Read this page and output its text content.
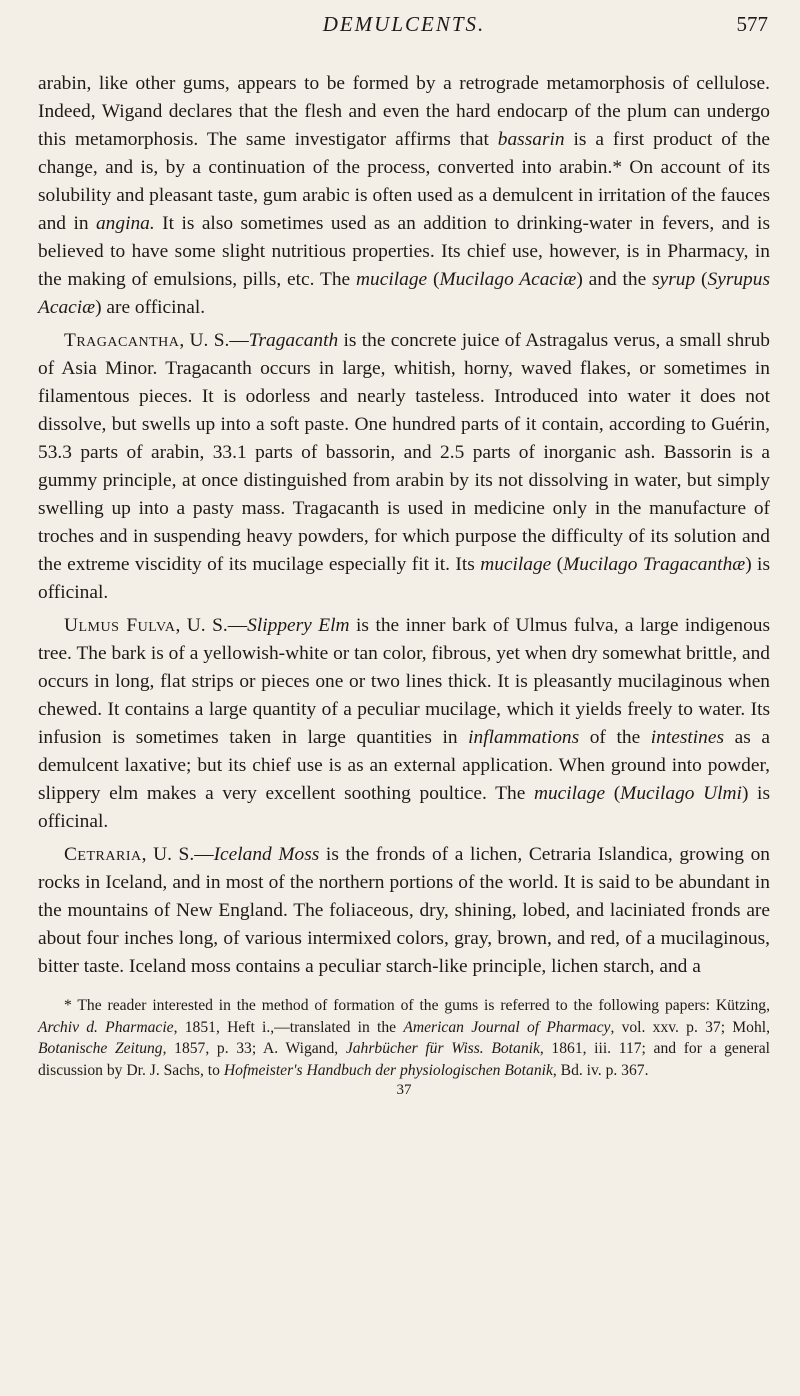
DEMULCENTS.	577

arabin, like other gums, appears to be formed by a retrograde metamorphosis of cellulose. Indeed, Wigand declares that the flesh and even the hard endocarp of the plum can undergo this metamorphosis. The same investigator affirms that bassarin is a first product of the change, and is, by a continuation of the process, converted into arabin.* On account of its solubility and pleasant taste, gum arabic is often used as a demulcent in irritation of the fauces and in angina. It is also sometimes used as an addition to drinking-water in fevers, and is believed to have some slight nutritious properties. Its chief use, however, is in Pharmacy, in the making of emulsions, pills, etc. The mucilage (Mucilago Acaciæ) and the syrup (Syrupus Acaciæ) are officinal.

Tragacantha, U. S.—Tragacanth is the concrete juice of Astragalus verus, a small shrub of Asia Minor. Tragacanth occurs in large, whitish, horny, waved flakes, or sometimes in filamentous pieces. It is odorless and nearly tasteless. Introduced into water it does not dissolve, but swells up into a soft paste. One hundred parts of it contain, according to Guérin, 53.3 parts of arabin, 33.1 parts of bassorin, and 2.5 parts of inorganic ash. Bassorin is a gummy principle, at once distinguished from arabin by its not dissolving in water, but simply swelling up into a pasty mass. Tragacanth is used in medicine only in the manufacture of troches and in suspending heavy powders, for which purpose the difficulty of its solution and the extreme viscidity of its mucilage especially fit it. Its mucilage (Mucilago Tragacanthæ) is officinal.

Ulmus Fulva, U. S.—Slippery Elm is the inner bark of Ulmus fulva, a large indigenous tree. The bark is of a yellowish-white or tan color, fibrous, yet when dry somewhat brittle, and occurs in long, flat strips or pieces one or two lines thick. It is pleasantly mucilaginous when chewed. It contains a large quantity of a peculiar mucilage, which it yields freely to water. Its infusion is sometimes taken in large quantities in inflammations of the intestines as a demulcent laxative; but its chief use is as an external application. When ground into powder, slippery elm makes a very excellent soothing poultice. The mucilage (Mucilago Ulmi) is officinal.

Cetraria, U. S.—Iceland Moss is the fronds of a lichen, Cetraria Islandica, growing on rocks in Iceland, and in most of the northern portions of the world. It is said to be abundant in the mountains of New England. The foliaceous, dry, shining, lobed, and laciniated fronds are about four inches long, of various intermixed colors, gray, brown, and red, of a mucilaginous, bitter taste. Iceland moss contains a peculiar starch-like principle, lichen starch, and a

* The reader interested in the method of formation of the gums is referred to the following papers: Kützing, Archiv d. Pharmacie, 1851, Heft i.,—translated in the American Journal of Pharmacy, vol. xxv. p. 37; Mohl, Botanische Zeitung, 1857, p. 33; A. Wigand, Jahrbücher für Wiss. Botanik, 1861, iii. 117; and for a general discussion by Dr. J. Sachs, to Hofmeister's Handbuch der physiologischen Botanik, Bd. iv. p. 367.
37
